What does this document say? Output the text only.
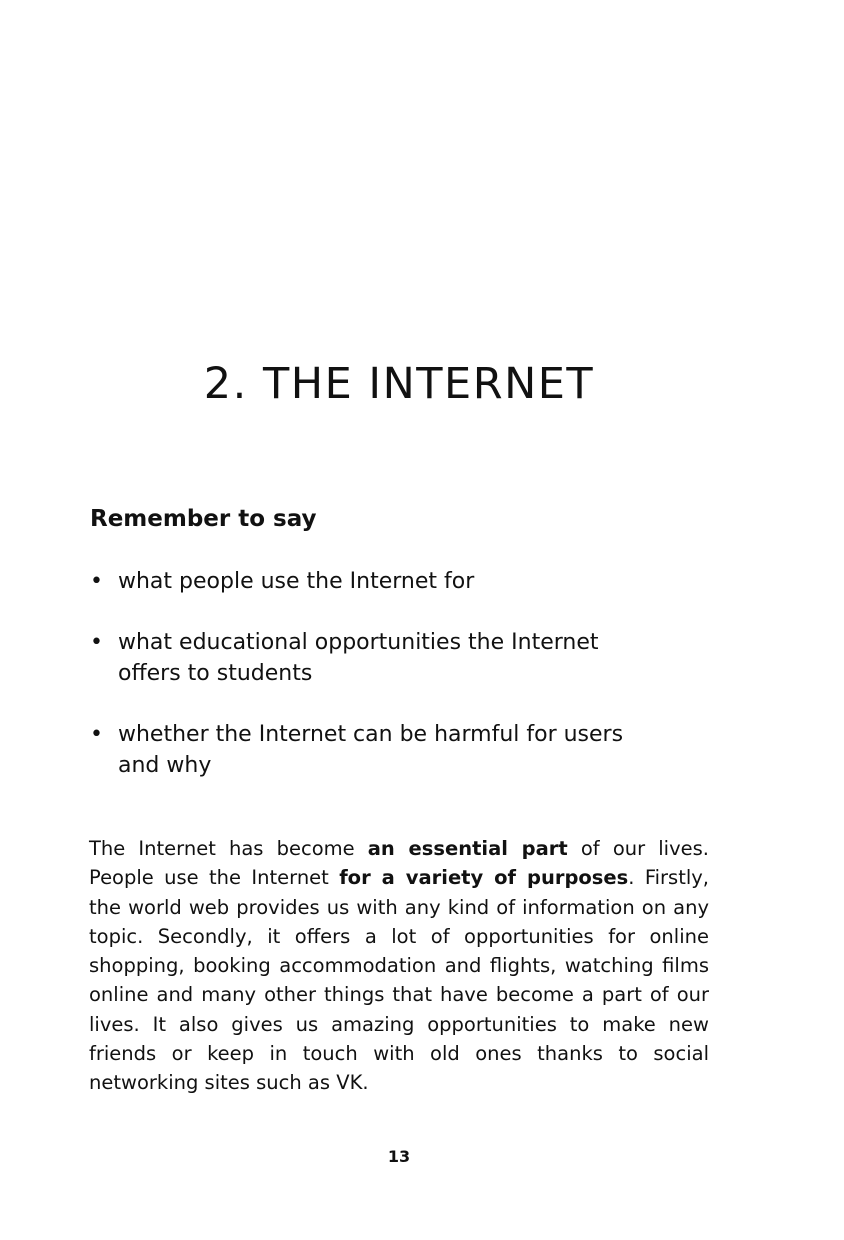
2. THE INTERNET
Remember to say
• what people use the Internet for
• what educational opportunities the Internet
offers to students
• whether the Internet can be harmful for users
and why

The Internet has become an essential part of our lives. People use the Internet for a variety of purposes. Firstly, the world web provides us with any kind of information on any topic. Secondly, it offers a lot of opportunities for online shopping, booking accommodation and flights, watching films online and many other things that have become a part of our lives. It also gives us amazing opportunities to make new friends or keep in touch with old ones thanks to social networking sites such as VK.

13
